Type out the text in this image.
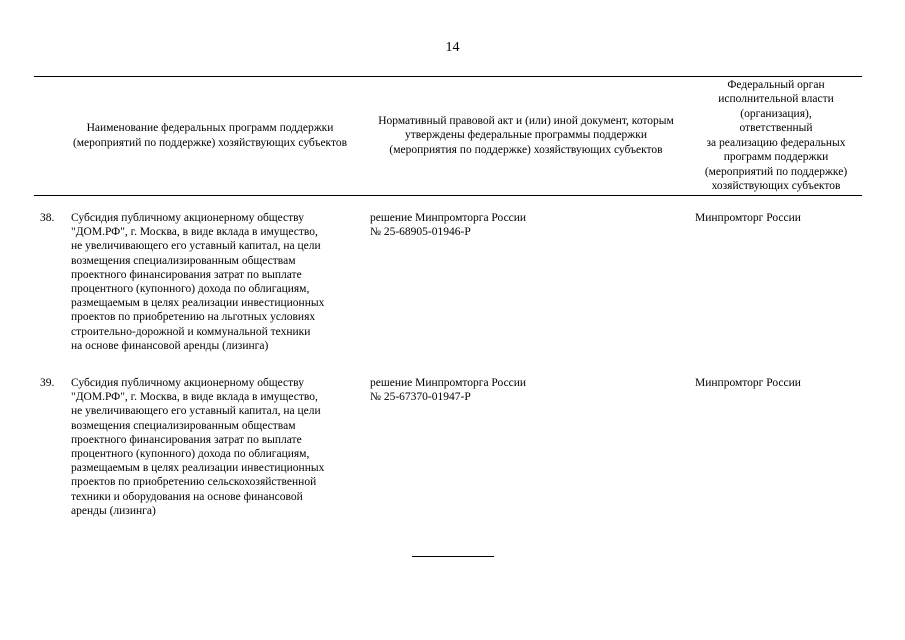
14
Наименование федеральных программ поддержки (мероприятий по поддержке) хозяйствующих субъектов
Нормативный правовой акт и (или) иной документ, которым утверждены федеральные программы поддержки (мероприятия по поддержке) хозяйствующих субъектов
Федеральный орган
исполнительной власти
(организация),
ответственный
за реализацию федеральных
программ поддержки
(мероприятий по поддержке)
хозяйствующих субъектов
38.	Субсидия публичному акционерному обществу
"ДОМ.РФ", г. Москва, в виде вклада в имущество,
не увеличивающего его уставный капитал, на цели
возмещения специализированным обществам
проектного финансирования затрат по выплате
процентного (купонного) дохода по облигациям,
размещаемым в целях реализации инвестиционных
проектов по приобретению на льготных условиях
строительно-дорожной и коммунальной техники
на основе финансовой аренды (лизинга)
решение Минпромторга России
№ 25-68905-01946-Р
Минпромторг России
39.	Субсидия публичному акционерному обществу
"ДОМ.РФ", г. Москва, в виде вклада в имущество,
не увеличивающего его уставный капитал, на цели
возмещения специализированным обществам
проектного финансирования затрат по выплате
процентного (купонного) дохода по облигациям,
размещаемым в целях реализации инвестиционных
проектов по приобретению сельскохозяйственной
техники и оборудования на основе финансовой
аренды (лизинга)
решение Минпромторга России
№ 25-67370-01947-Р
Минпромторг России
